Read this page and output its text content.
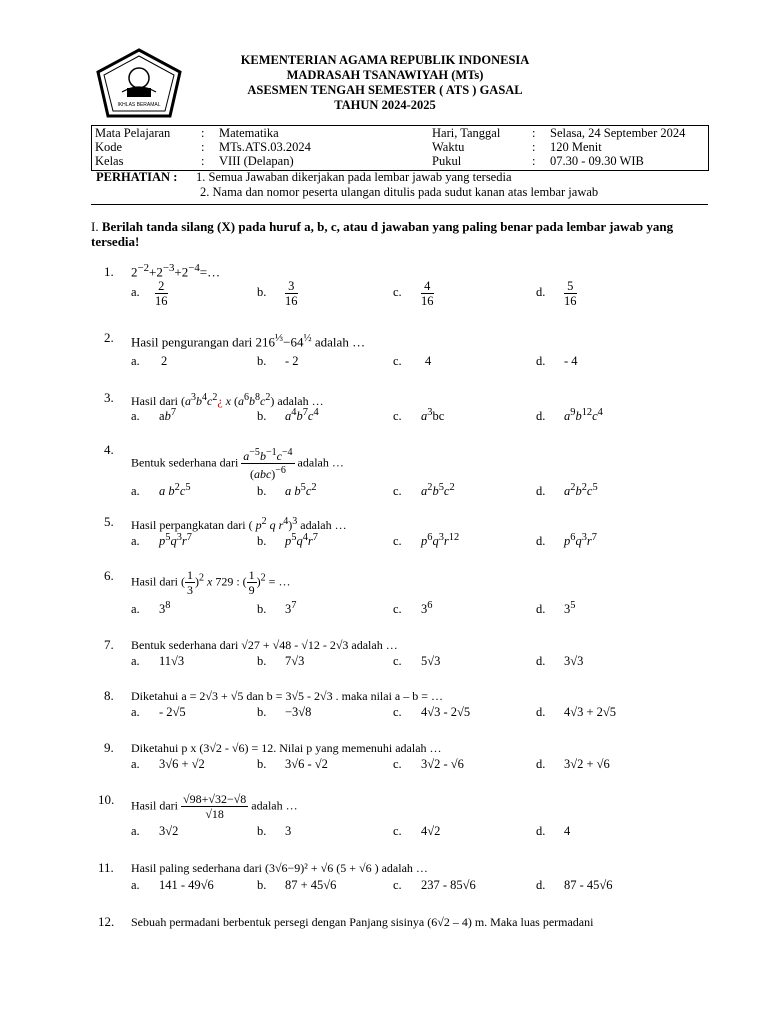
IKHLAS BERAMAL
KEMENTERIAN AGAMA REPUBLIK INDONESIA
MADRASAH TSANAWIYAH (MTs)
ASESMEN TENGAH SEMESTER ( ATS ) GASAL
TAHUN 2024-2025
Mata Pelajaran	:	Matematika	Hari, Tanggal	:	Selasa, 24 September 2024
Kode	:	MTs.ATS.03.2024	Waktu	:	120 Menit
Kelas	:	VIII (Delapan)	Pukul	:	07.30 - 09.30 WIB
PERHATIAN : 1. Semua Jawaban dikerjakan pada lembar jawab yang tersedia
2. Nama dan nomor peserta ulangan ditulis pada sudut kanan atas lembar jawab
I. Berilah tanda silang (X) pada huruf a, b, c, atau d jawaban yang paling benar pada lembar jawab yang tersedia!
1. $2^{-2}+2^{-3}+2^{-4}=\dots$
a. $\frac{2}{16}$	b. $\frac{3}{16}$	c. $\frac{4}{16}$	d. $\frac{5}{16}$
2. Hasil pengurangan dari $216^{\frac{1}{3}}-64^{\frac{1}{2}}$ adalah …
a. 2	b. - 2	c. 4	d. - 4
3. Hasil dari ($a^3b^4c^2¿$ x $(a^6b^8c^2)$ adalah …
a. $ab^7$	b. $a^4b^7c^4$	c. $a^3bc$	d. $a^9b^{12}c^4$
4.
Bentuk sederhana dari $\frac{a^{-5}b^{-1}c^{-4}}{(abc)^{-6}}$ adalah …
a. a $b^2c^5$	b. a $b^5c^2$	c. $a^2b^5c^2$	d. $a^2b^2c^5$
5. Hasil perpangkatan dari ( $p^2$ q $r^4)^3$ adalah …
a. $p^5q^3r^7$	b. $p^5q^4r^7$	c. $p^6q^3r^{12}$	d. $p^6q^3r^7$
6. Hasil dari ( $\frac{1}{3} )^2$ x 729 : ( $\frac{1}{9} )^2$ = …
a. $3^8$	b. $3^7$	c. $3^6$	d. $3^5$
7. Bentuk sederhana dari √27 + √48 - √12 - 2√3 adalah …
a. 11√3	b. 7√3	c. 5√3	d. 3√3
8. Diketahui a = 2√3 + √5 dan b = 3√5 - 2√3 . maka nilai a – b = …
a. - 2√5	b. −3√8	c. 4√3 - 2√5	d. 4√3 + 2√5
9. Diketahui p x (3√2 - √6) = 12. Nilai p yang memenuhi adalah …
a. 3√6 + √2	b. 3√6 - √2	c. 3√2 - √6	d. 3√2 + √6
10. Hasil dari $\frac{√98+√32-√8}{√18}$ adalah …
a. 3√2	b. 3	c. 4√2	d. 4
11. Hasil paling sederhana dari (3√6−9)² + √6 (5 + √6 ) adalah …
a. 141 - 49√6	b. 87 + 45√6	c. 237 - 85√6	d. 87 - 45√6
12. Sebuah permadani berbentuk persegi dengan Panjang sisinya (6√2 – 4) m. Maka luas permadani
